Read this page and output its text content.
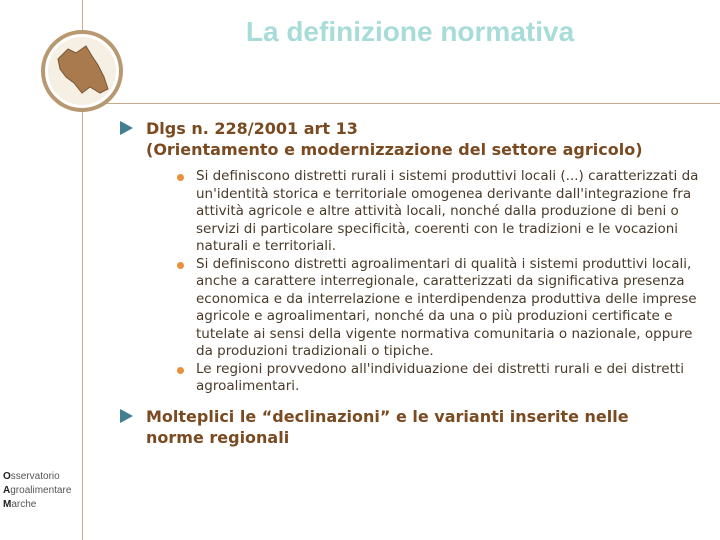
La definizione normativa
Dlgs n. 228/2001 art 13
(Orientamento e modernizzazione del settore agricolo)
Si definiscono distretti rurali i sistemi produttivi locali (...) caratterizzati da un'identità storica e territoriale omogenea derivante dall'integrazione fra attività agricole e altre attività locali, nonché dalla produzione di beni o servizi di particolare specificità, coerenti con le tradizioni e le vocazioni naturali e territoriali.
Si definiscono distretti agroalimentari di qualità i sistemi produttivi locali, anche a carattere interregionale, caratterizzati da significativa presenza economica e da interrelazione e interdipendenza produttiva delle imprese agricole e agroalimentari, nonché da una o più produzioni certificate e tutelate ai sensi della vigente normativa comunitaria o nazionale, oppure da produzioni tradizionali o tipiche.
Le regioni provvedono all'individuazione dei distretti rurali e dei distretti agroalimentari.
Molteplici le “declinazioni” e le varianti inserite nelle
norme regionali
Osservatorio
Agroalimentare
Marche
